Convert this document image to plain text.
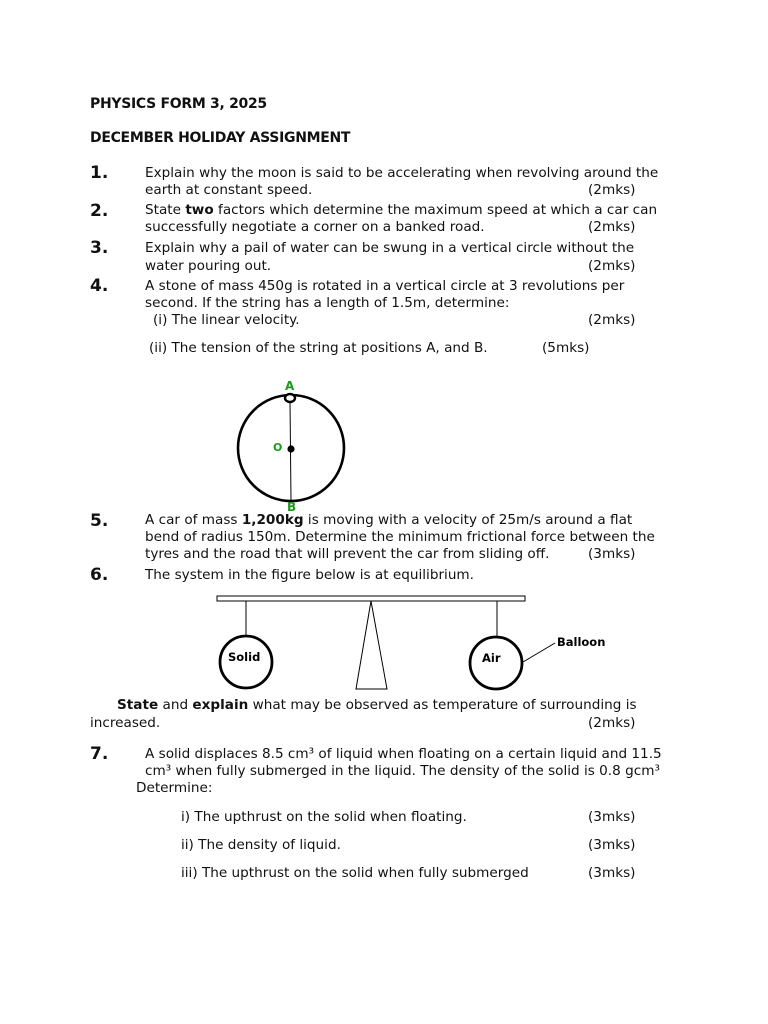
PHYSICS FORM 3, 2025
DECEMBER HOLIDAY ASSIGNMENT
1.	Explain why the moon is said to be accelerating when revolving around the
earth at constant speed.	(2mks)
2.	State two factors which determine the maximum speed at which a car can
successfully negotiate a corner on a banked road.	(2mks)
3.	Explain why a pail of water can be swung in a vertical circle without the
water pouring out.	(2mks)
4.	A stone of mass 450g is rotated in a vertical circle at 3 revolutions per
second. If the string has a length of 1.5m, determine:
(i) The linear velocity.	(2mks)
(ii) The tension of the string at positions A, and B.	(5mks)
A
O
B
5.	A car of mass 1,200kg is moving with a velocity of 25m/s around a flat
bend of radius 150m. Determine the minimum frictional force between the
tyres and the road that will prevent the car from sliding off.	(3mks)
6.	The system in the figure below is at equilibrium.
Solid	Air
Balloon
State and explain what may be observed as temperature of surrounding is
increased.	(2mks)
7.	A solid displaces 8.5 cm³ of liquid when floating on a certain liquid and 11.5
cm³ when fully submerged in the liquid. The density of the solid is 0.8 gcm³
Determine:
i) The upthrust on the solid when floating.	(3mks)
ii) The density of liquid.	(3mks)
iii) The upthrust on the solid when fully submerged	(3mks)
